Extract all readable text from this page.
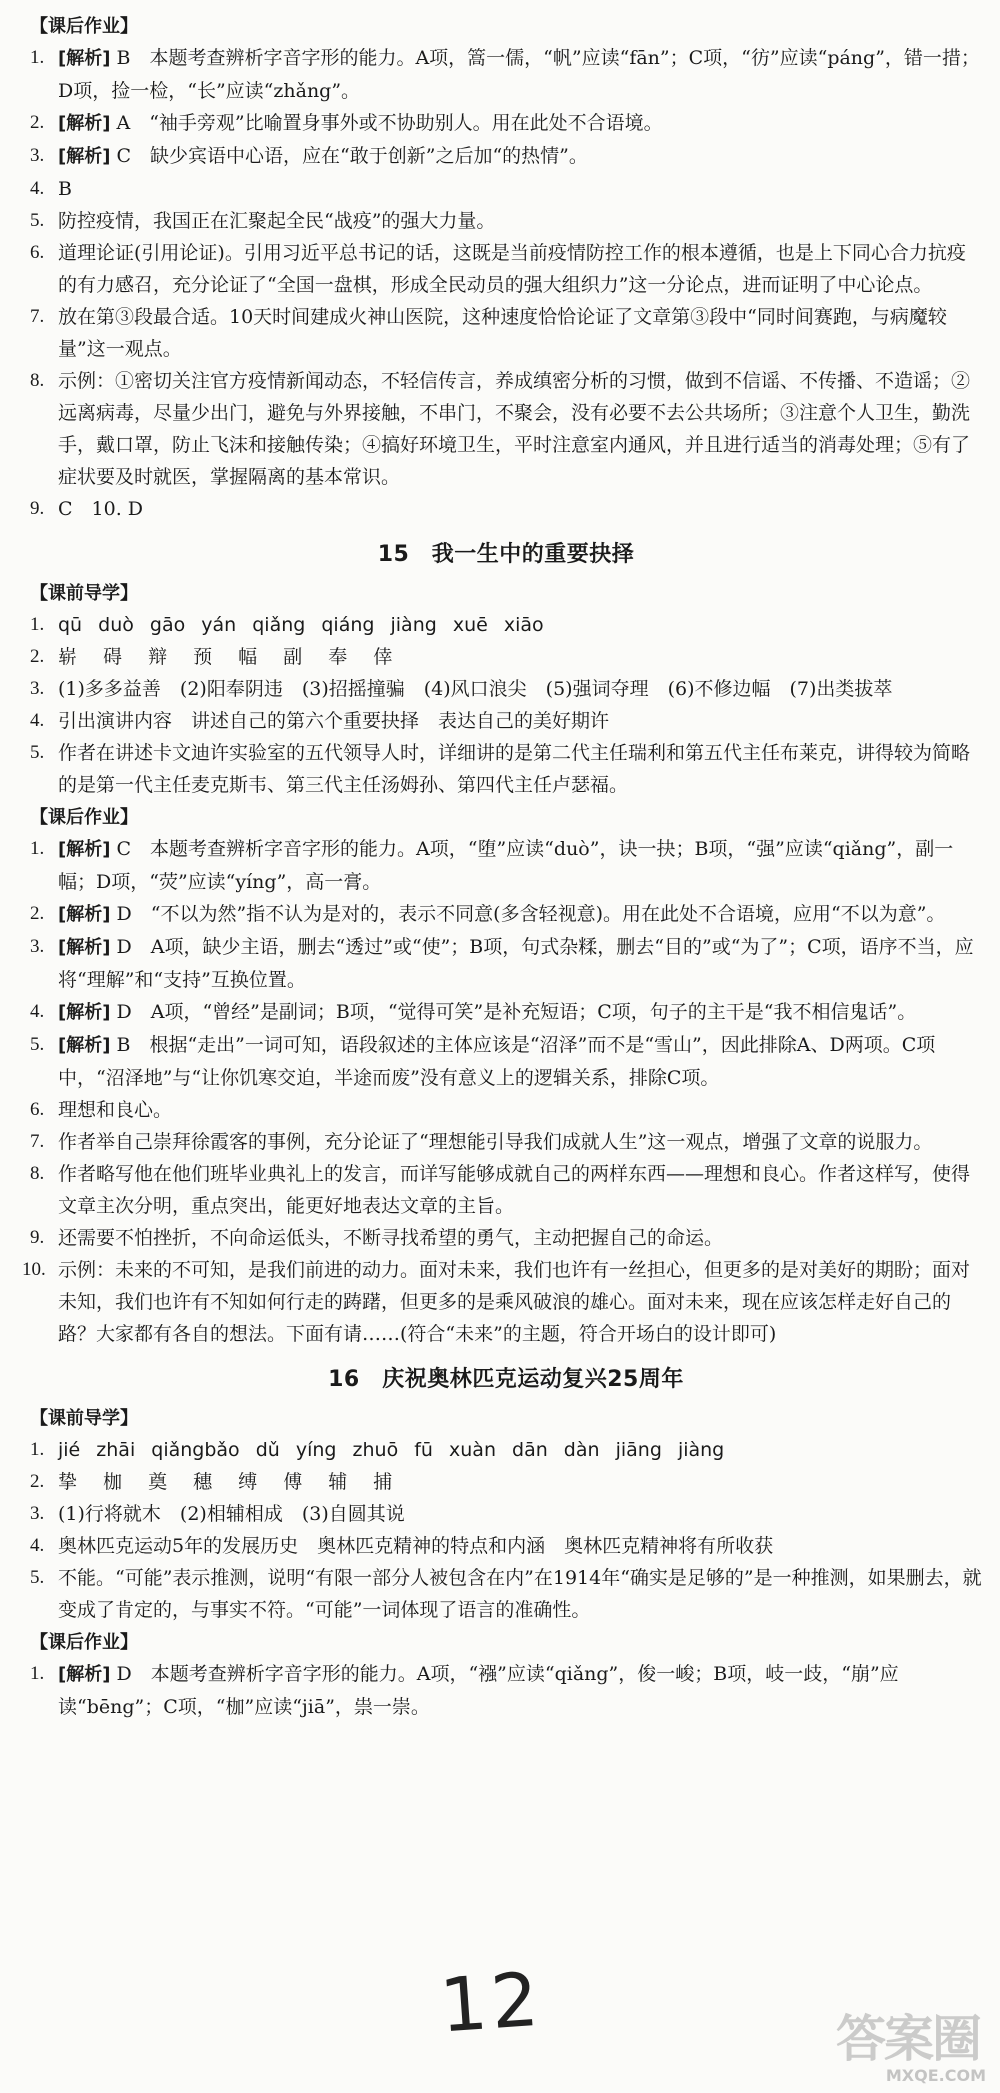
【课后作业】
1. [解析] B　本题考查辨析字音字形的能力。A项，篙一儒，“帆”应读“fān”；C项，“彷”应读“páng”，错一措；D项，捡一检，“长”应读“zhǎng”。
2. [解析] A　“袖手旁观”比喻置身事外或不协助别人。用在此处不合语境。
3. [解析] C　缺少宾语中心语，应在“敢于创新”之后加“的热情”。
4. B
5. 防控疫情，我国正在汇聚起全民“战疫”的强大力量。
6. 道理论证(引用论证)。引用习近平总书记的话，这既是当前疫情防控工作的根本遵循，也是上下同心合力抗疫的有力感召，充分论证了“全国一盘棋，形成全民动员的强大组织力”这一分论点，进而证明了中心论点。
7. 放在第③段最合适。10天时间建成火神山医院，这种速度恰恰论证了文章第③段中“同时间赛跑，与病魔较量”这一观点。
8. 示例：①密切关注官方疫情新闻动态，不轻信传言，养成缜密分析的习惯，做到不信谣、不传播、不造谣；②远离病毒，尽量少出门，避免与外界接触，不串门，不聚会，没有必要不去公共场所；③注意个人卫生，勤洗手，戴口罩，防止飞沫和接触传染；④搞好环境卫生，平时注意室内通风，并且进行适当的消毒处理；⑤有了症状要及时就医，掌握隔离的基本常识。
9. C　10. D
15　我一生中的重要抉择
【课前导学】
1. qū duò gāo yán qiǎng qiáng jiàng xuē xiāo
2. 崭 碍 辩 预 幅 副 奉 倖
3. (1)多多益善　(2)阳奉阴违　(3)招摇撞骗　(4)风口浪尖　(5)强词夺理　(6)不修边幅　(7)出类拔萃
4. 引出演讲内容　讲述自己的第六个重要抉择　表达自己的美好期许
5. 作者在讲述卡文迪许实验室的五代领导人时，详细讲的是第二代主任瑞利和第五代主任布莱克，讲得较为简略的是第一代主任麦克斯韦、第三代主任汤姆孙、第四代主任卢瑟福。
【课后作业】
1. [解析] C　本题考查辨析字音字形的能力。A项，“堕”应读“duò”，诀一抉；B项，“强”应读“qiǎng”，副一幅；D项，“荧”应读“yíng”，高一膏。
2. [解析] D　“不以为然”指不认为是对的，表示不同意(多含轻视意)。用在此处不合语境，应用“不以为意”。
3. [解析] D　A项，缺少主语，删去“透过”或“使”；B项，句式杂糅，删去“目的”或“为了”；C项，语序不当，应将“理解”和“支持”互换位置。
4. [解析] D　A项，“曾经”是副词；B项，“觉得可笑”是补充短语；C项，句子的主干是“我不相信鬼话”。
5. [解析] B　根据“走出”一词可知，语段叙述的主体应该是“沼泽”而不是“雪山”，因此排除A、D两项。C项中，“沼泽地”与“让你饥寒交迫，半途而废”没有意义上的逻辑关系，排除C项。
6. 理想和良心。
7. 作者举自己崇拜徐霞客的事例，充分论证了“理想能引导我们成就人生”这一观点，增强了文章的说服力。
8. 作者略写他在他们班毕业典礼上的发言，而详写能够成就自己的两样东西——理想和良心。作者这样写，使得文章主次分明，重点突出，能更好地表达文章的主旨。
9. 还需要不怕挫折，不向命运低头，不断寻找希望的勇气，主动把握自己的命运。
10. 示例：未来的不可知，是我们前进的动力。面对未来，我们也许有一丝担心，但更多的是对美好的期盼；面对未知，我们也许有不知如何行走的踌躇，但更多的是乘风破浪的雄心。面对未来，现在应该怎样走好自己的路？大家都有各自的想法。下面有请……(符合“未来”的主题，符合开场白的设计即可)
16　庆祝奥林匹克运动复兴25周年
【课前导学】
1. jié zhāi qiǎngbǎo dǔ yíng zhuō fū xuàn dān dàn jiāng jiàng
2. 挚 枷 奠 穗 缚 傅 辅 捕
3. (1)行将就木　(2)相辅相成　(3)自圆其说
4. 奥林匹克运动5年的发展历史　奥林匹克精神的特点和内涵　奥林匹克精神将有所收获
5. 不能。“可能”表示推测，说明“有限一部分人被包含在内”在1914年“确实是足够的”是一种推测，如果删去，就变成了肯定的，与事实不符。“可能”一词体现了语言的准确性。
【课后作业】
1. [解析] D　本题考查辨析字音字形的能力。A项，“襁”应读“qiǎng”，俊一峻；B项，岐一歧，“崩”应读“bēng”；C项，“枷”应读“jiā”，祟一崇。
12	答案圈
MXQE.COM
